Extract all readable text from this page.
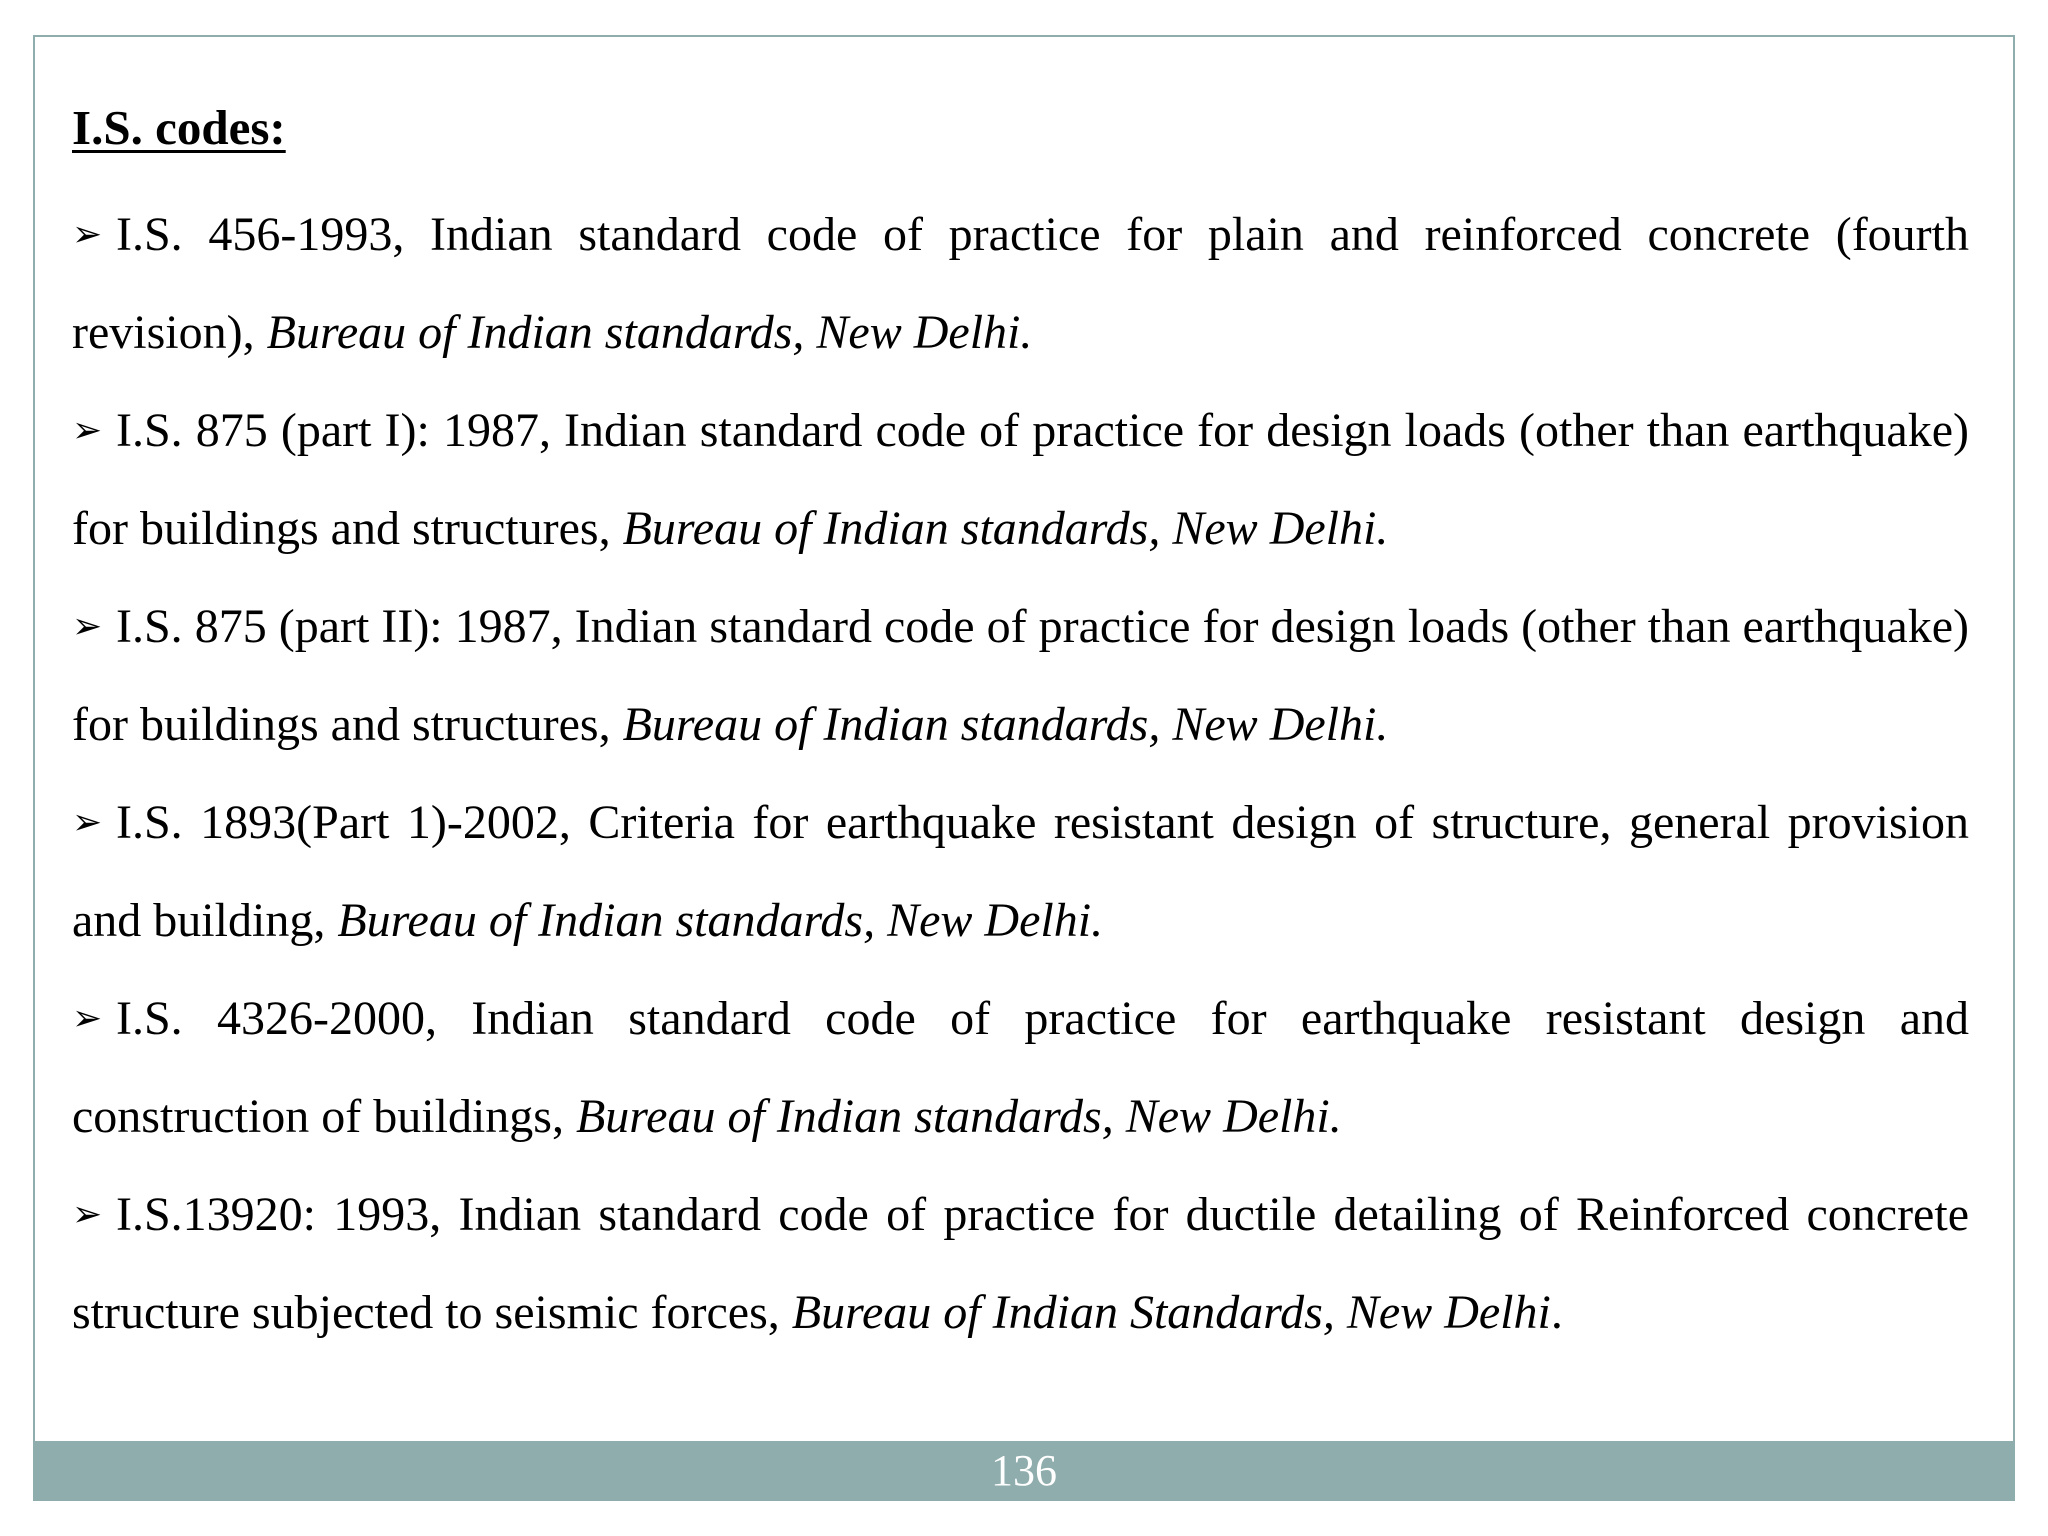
I.S. codes:
➢ I.S. 456-1993, Indian standard code of practice for plain and reinforced concrete (fourth revision), Bureau of Indian standards, New Delhi.
➢ I.S. 875 (part I): 1987, Indian standard code of practice for design loads (other than earthquake) for buildings and structures, Bureau of Indian standards, New Delhi.
➢ I.S. 875 (part II): 1987, Indian standard code of practice for design loads (other than earthquake) for buildings and structures, Bureau of Indian standards, New Delhi.
➢ I.S. 1893(Part 1)-2002, Criteria for earthquake resistant design of structure, general provision and building, Bureau of Indian standards, New Delhi.
➢ I.S. 4326-2000, Indian standard code of practice for earthquake resistant design and construction of buildings, Bureau of Indian standards, New Delhi.
➢ I.S.13920: 1993, Indian standard code of practice for ductile detailing of Reinforced concrete structure subjected to seismic forces, Bureau of Indian Standards, New Delhi.
136
